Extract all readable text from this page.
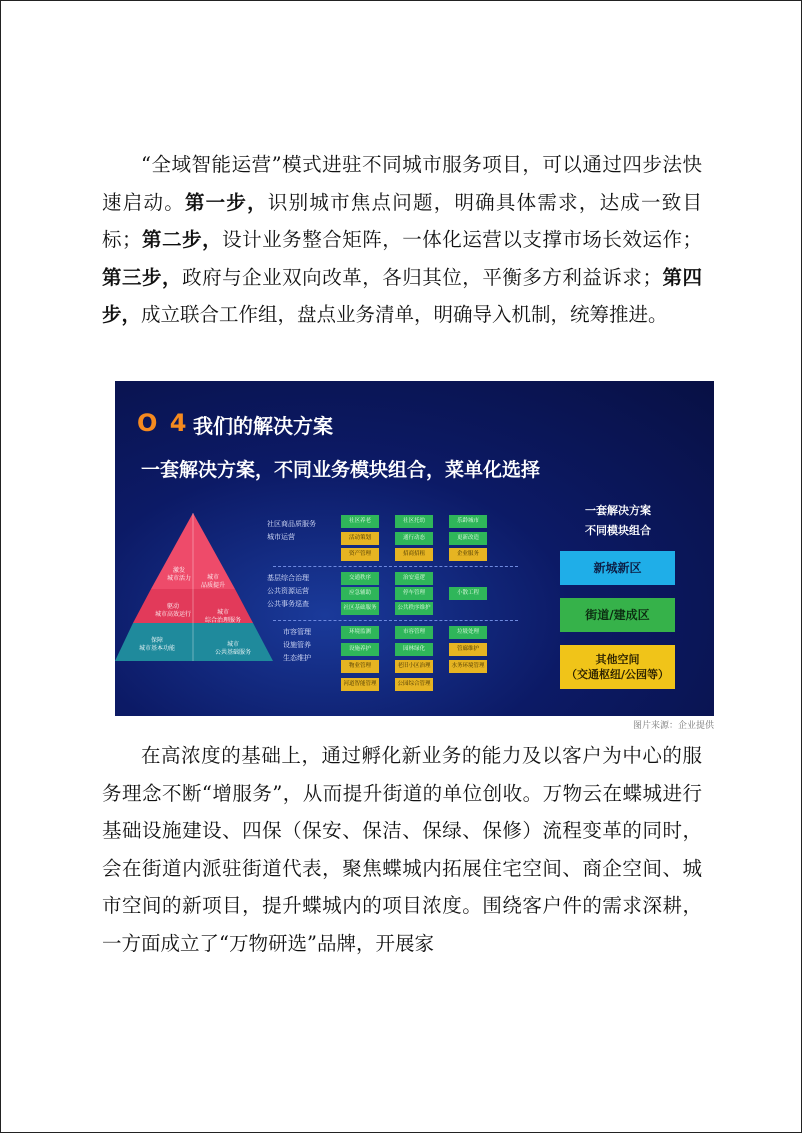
“全域智能运营”模式进驻不同城市服务项目，可以通过四步法快速启动。第一步，识别城市焦点问题，明确具体需求，达成一致目标；第二步，设计业务整合矩阵，一体化运营以支撑市场长效运作；第三步，政府与企业双向改革，各归其位，平衡多方利益诉求；第四步，成立联合工作组，盘点业务清单，明确导入机制，统筹推进。

O 4 我们的解决方案
一套解决方案，不同业务模块组合，菜单化选择
激发
城市活力	城市
品质提升
驱动
城市高效运行	城市
综合治理服务
保障
城市基本功能
城市
公共基础服务
社区商品质服务
城市运营
社区养老	社区托幼	乐龄城市
活动策划	通行动态	更新改造
资产管理	招商招租	企业服务
基层综合治理
公共资源运营
公共事务巡查
交通秩序	治安巡逻
应急辅助	停车管理	小散工程
社区基础服务	公共秩序维护
市容管理
设施管养
生态维护
环境监测	市容管理	垃圾处理
设施养护	园林绿化	管廊维护
物业管理	老旧小区治理	水务环境管理
河道智能管理	公园综合管理
一套解决方案
不同模块组合
新城新区
街道/建成区
其他空间
（交通枢纽/公园等）
图片来源：企业提供

在高浓度的基础上，通过孵化新业务的能力及以客户为中心的服务理念不断“增服务”，从而提升街道的单位创收。万物云在蝶城进行基础设施建设、四保（保安、保洁、保绿、保修）流程变革的同时，会在街道内派驻街道代表，聚焦蝶城内拓展住宅空间、商企空间、城市空间的新项目，提升蝶城内的项目浓度。围绕客户件的需求深耕，一方面成立了“万物研选”品牌，开展家
